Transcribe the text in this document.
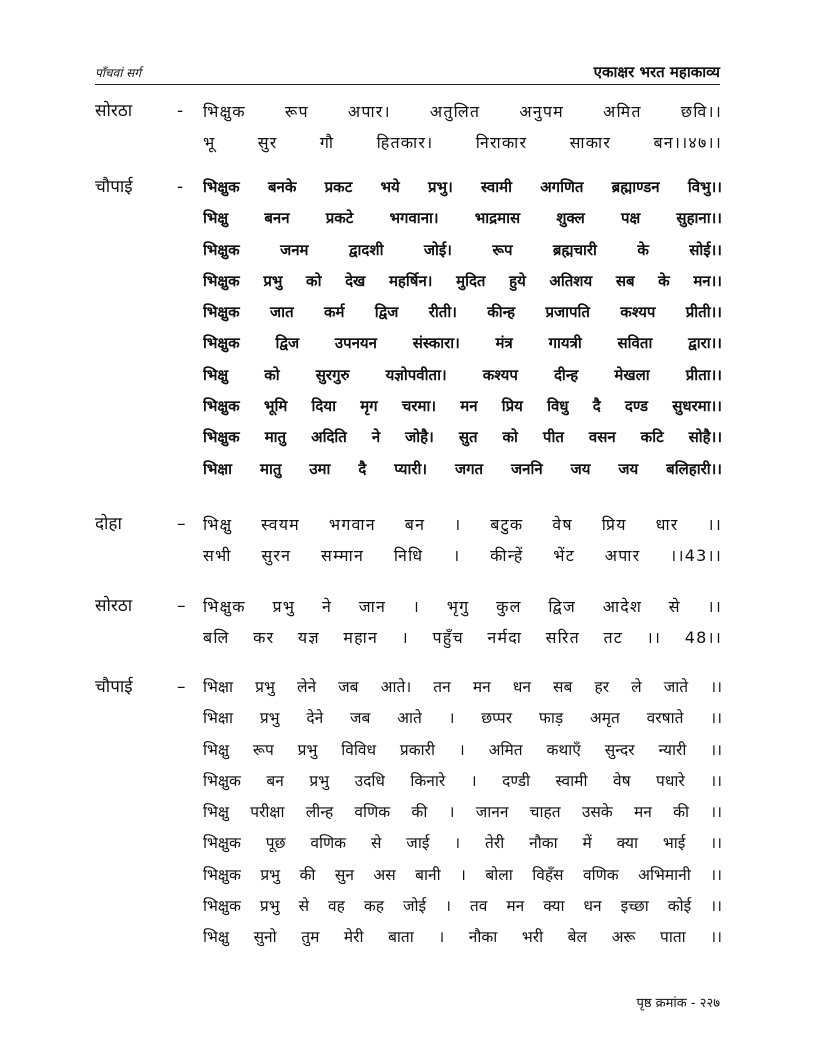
पाँचवां सर्ग	एकाक्षर भरत महाकाव्य
सोरठा	- भिक्षुक रूप अपार। अतुलित अनुपम अमित छवि।।
भू सुर गौ हितकार। निराकार साकार बन।।४७।।
चौपाई	- भिक्षुक बनके प्रकट भये प्रभु। स्वामी अगणित ब्रह्माण्डन विभु।।
भिक्षु बनन प्रकटे भगवाना। भाद्रमास शुक्ल पक्ष सुहाना।।
भिक्षुक जनम द्वादशी जोई। रूप ब्रह्मचारी के सोई।।
भिक्षुक प्रभु को देख महर्षिन। मुदित हुये अतिशय सब के मन।।
भिक्षुक जात कर्म द्विज रीती। कीन्ह प्रजापति कश्यप प्रीती।।
भिक्षुक द्विज उपनयन संस्कारा। मंत्र गायत्री सविता द्वारा।।
भिक्षु को सुरगुरु यज्ञोपवीता। कश्यप दीन्ह मेखला प्रीता।।
भिक्षुक भूमि दिया मृग चरमा। मन प्रिय विधु दै दण्ड सुधरमा।।
भिक्षुक मातु अदिति ने जोहै। सुत को पीत वसन कटि सोहै।।
भिक्षा मातु उमा दै प्यारी। जगत जननि जय जय बलिहारी।।
दोहा	– भिक्षु स्वयम भगवान बन । बटुक वेष प्रिय धार ।।
सभी सुरन सम्मान निधि । कीन्हें भेंट अपार ।।43।।
सोरठा	– भिक्षुक प्रभु ने जान । भृगु कुल द्विज आदेश से ।।
बलि कर यज्ञ महान । पहुँच नर्मदा सरित तट ।। 48।।
चौपाई	– भिक्षा प्रभु लेने जब आते। तन मन धन सब हर ले जाते ।।
भिक्षा प्रभु देने जब आते । छप्पर फाड़ अमृत वरषाते ।।
भिक्षु रूप प्रभु विविध प्रकारी । अमित कथाएँ सुन्दर न्यारी ।।
भिक्षुक बन प्रभु उदधि किनारे । दण्डी स्वामी वेष पधारे ।।
भिक्षु परीक्षा लीन्ह वणिक की । जानन चाहत उसके मन की ।।
भिक्षुक पूछ वणिक से जाई । तेरी नौका में क्या भाई ।।
भिक्षुक प्रभु की सुन अस बानी । बोला विहँस वणिक अभिमानी ।।
भिक्षुक प्रभु से वह कह जोई । तव मन क्या धन इच्छा कोई ।।
भिक्षु सुनो तुम मेरी बाता । नौका भरी बेल अरू पाता ।।
पृष्ठ क्रमांक - २२७
